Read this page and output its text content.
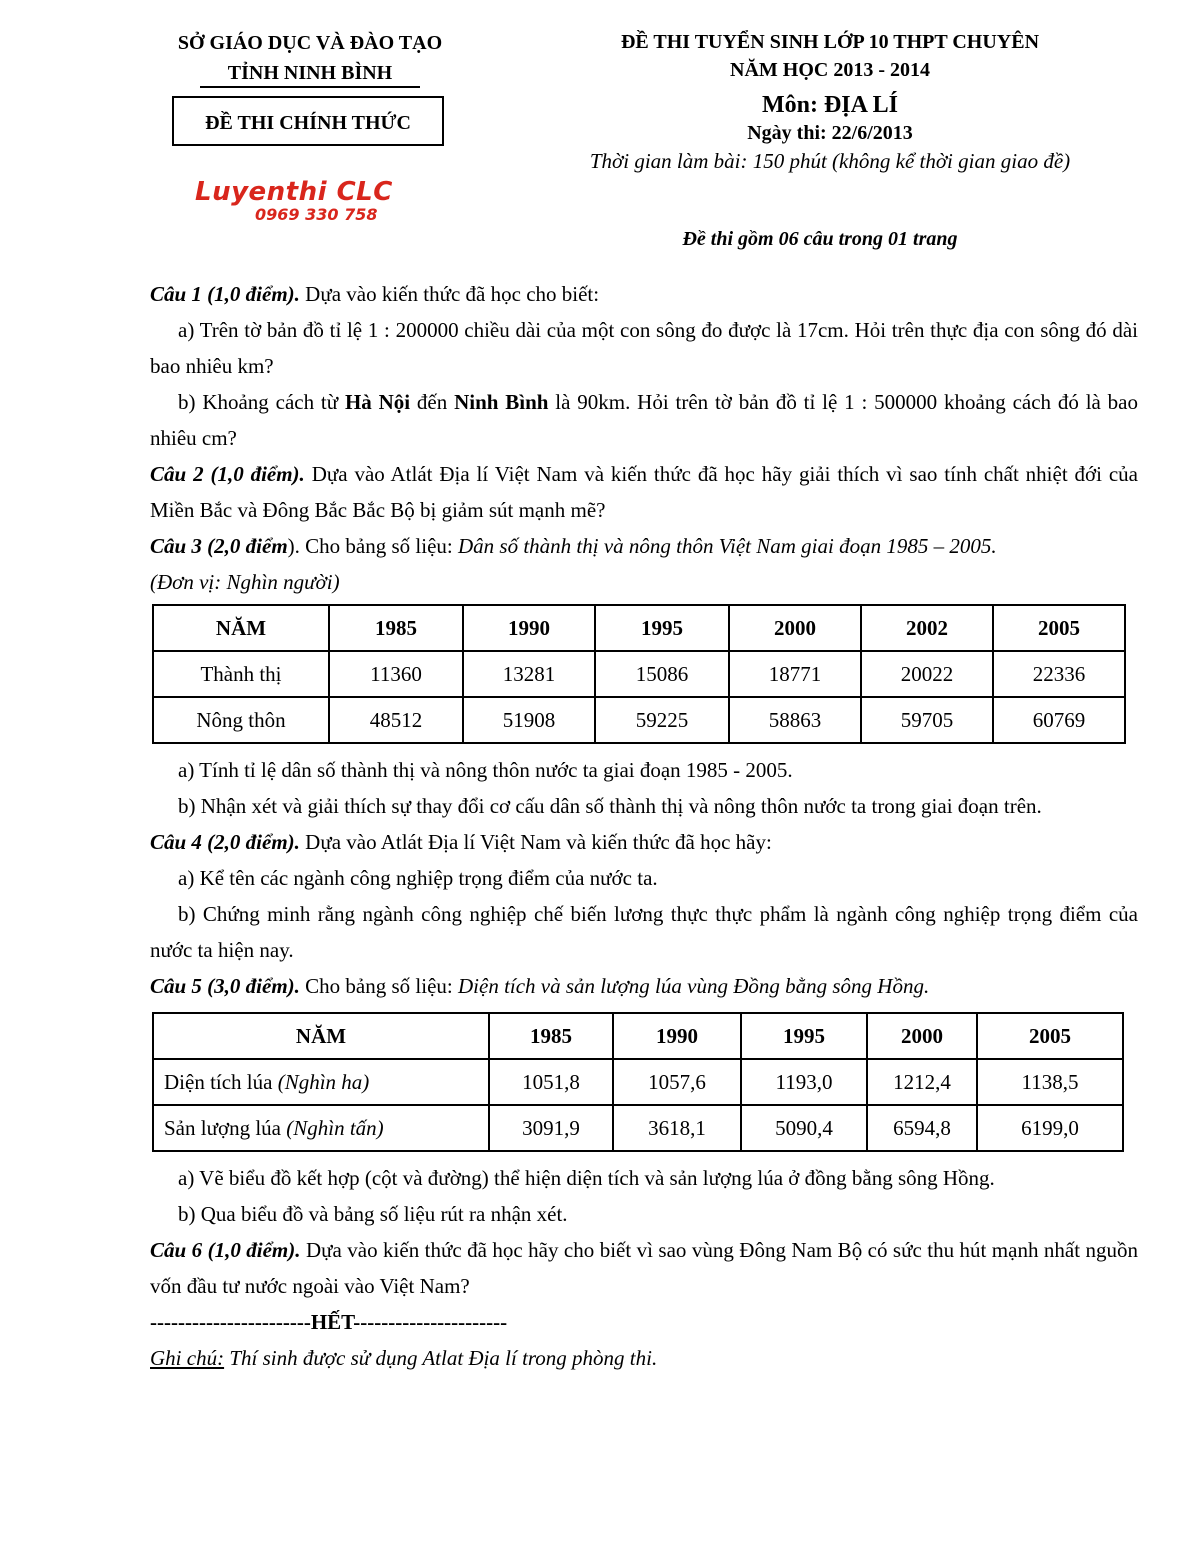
SỞ GIÁO DỤC VÀ ĐÀO TẠO
TỈNH NINH BÌNH
ĐỀ THI CHÍNH THỨC
Luyenthi CLC
0969 330 758
ĐỀ THI TUYỂN SINH LỚP 10 THPT CHUYÊN
NĂM HỌC 2013 - 2014
Môn: ĐỊA LÍ
Ngày thi: 22/6/2013
Thời gian làm bài: 150 phút (không kể thời gian giao đề)
Đề thi gồm 06 câu trong 01 trang

Câu 1 (1,0 điểm). Dựa vào kiến thức đã học cho biết:

a) Trên tờ bản đồ tỉ lệ 1 : 200000 chiều dài của một con sông đo được là 17cm. Hỏi trên thực địa con sông đó dài bao nhiêu km?

b) Khoảng cách từ Hà Nội đến Ninh Bình là 90km. Hỏi trên tờ bản đồ tỉ lệ 1 : 500000 khoảng cách đó là bao nhiêu cm?

Câu 2 (1,0 điểm). Dựa vào Atlát Địa lí Việt Nam và kiến thức đã học hãy giải thích vì sao tính chất nhiệt đới của Miền Bắc và Đông Bắc Bắc Bộ bị giảm sút mạnh mẽ?

Câu 3 (2,0 điểm). Cho bảng số liệu: Dân số thành thị và nông thôn Việt Nam giai đoạn 1985 – 2005.

(Đơn vị: Nghìn người)

NĂM	1985	1990	1995	2000	2002	2005
Thành thị	11360	13281	15086	18771	20022	22336
Nông thôn	48512	51908	59225	58863	59705	60769

a) Tính tỉ lệ dân số thành thị và nông thôn nước ta giai đoạn 1985 - 2005.

b) Nhận xét và giải thích sự thay đổi cơ cấu dân số thành thị và nông thôn nước ta trong giai đoạn trên.

Câu 4 (2,0 điểm). Dựa vào Atlát Địa lí Việt Nam và kiến thức đã học hãy:

a) Kể tên các ngành công nghiệp trọng điểm của nước ta.

b) Chứng minh rằng ngành công nghiệp chế biến lương thực thực phẩm là ngành công nghiệp trọng điểm của nước ta hiện nay.

Câu 5 (3,0 điểm). Cho bảng số liệu: Diện tích và sản lượng lúa vùng Đồng bằng sông Hồng.

NĂM	1985	1990	1995	2000	2005
Diện tích lúa (Nghìn ha)	1051,8	1057,6	1193,0	1212,4	1138,5
Sản lượng lúa (Nghìn tấn)	3091,9	3618,1	5090,4	6594,8	6199,0

a) Vẽ biểu đồ kết hợp (cột và đường) thể hiện diện tích và sản lượng lúa ở đồng bằng sông Hồng.

b) Qua biểu đồ và bảng số liệu rút ra nhận xét.

Câu 6 (1,0 điểm). Dựa vào kiến thức đã học hãy cho biết vì sao vùng Đông Nam Bộ có sức thu hút mạnh nhất nguồn vốn đầu tư nước ngoài vào Việt Nam?

-----------------------HẾT----------------------

Ghi chú: Thí sinh được sử dụng Atlat Địa lí trong phòng thi.
